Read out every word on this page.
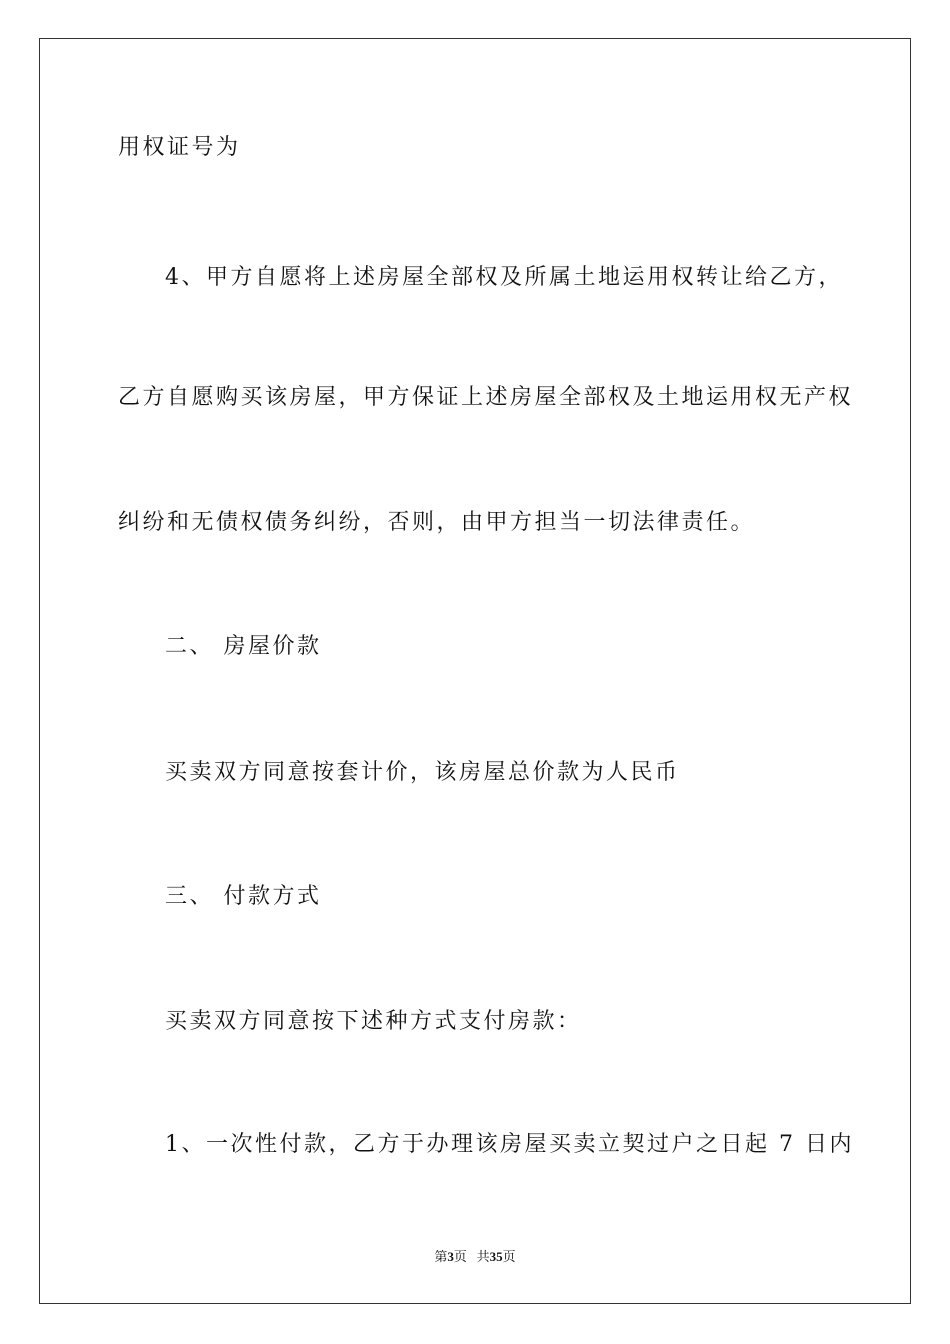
用权证号为
4、甲方自愿将上述房屋全部权及所属土地运用权转让给乙方，
乙方自愿购买该房屋，甲方保证上述房屋全部权及土地运用权无产权
纠纷和无债权债务纠纷，否则，由甲方担当一切法律责任。
二、 房屋价款
买卖双方同意按套计价，该房屋总价款为人民币
三、 付款方式
买卖双方同意按下述种方式支付房款：
1、一次性付款，乙方于办理该房屋买卖立契过户之日起 7 日内
第3页   共35页
